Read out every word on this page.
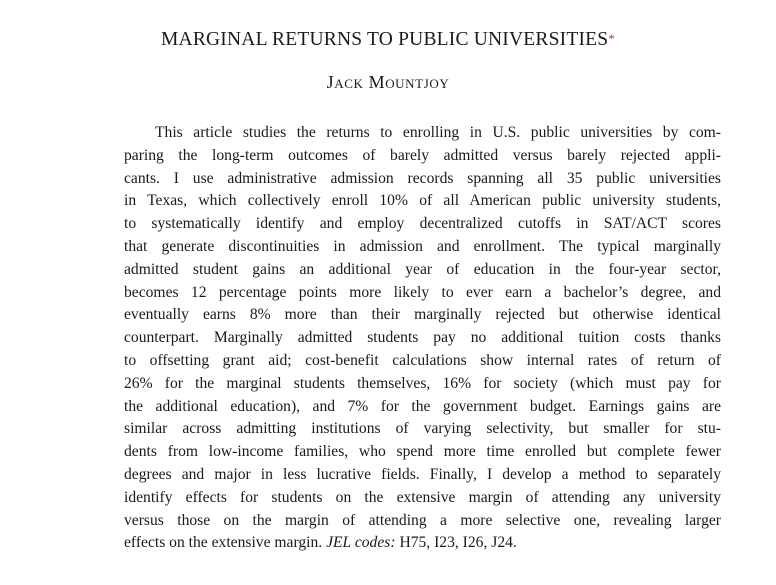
MARGINAL RETURNS TO PUBLIC UNIVERSITIES*
Jack Mountjoy
This article studies the returns to enrolling in U.S. public universities by com-
paring the long-term outcomes of barely admitted versus barely rejected appli-
cants. I use administrative admission records spanning all 35 public universities
in Texas, which collectively enroll 10% of all American public university students,
to systematically identify and employ decentralized cutoffs in SAT/ACT scores
that generate discontinuities in admission and enrollment. The typical marginally
admitted student gains an additional year of education in the four-year sector,
becomes 12 percentage points more likely to ever earn a bachelor’s degree, and
eventually earns 8% more than their marginally rejected but otherwise identical
counterpart. Marginally admitted students pay no additional tuition costs thanks
to offsetting grant aid; cost-benefit calculations show internal rates of return of
26% for the marginal students themselves, 16% for society (which must pay for
the additional education), and 7% for the government budget. Earnings gains are
similar across admitting institutions of varying selectivity, but smaller for stu-
dents from low-income families, who spend more time enrolled but complete fewer
degrees and major in less lucrative fields. Finally, I develop a method to separately
identify effects for students on the extensive margin of attending any university
versus those on the margin of attending a more selective one, revealing larger
effects on the extensive margin. JEL codes: H75, I23, I26, J24.
